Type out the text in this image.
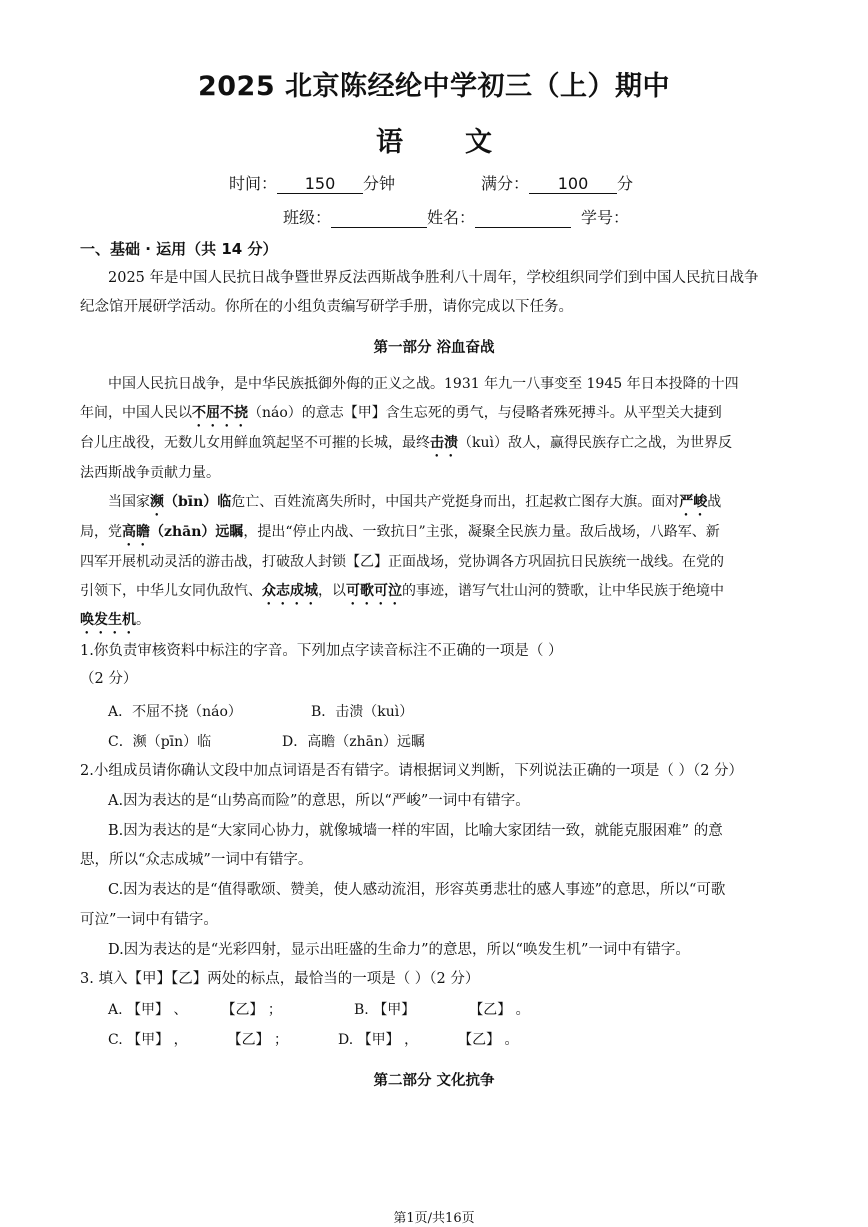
2025 北京陈经纶中学初三（上）期中
语 文
时间： 150 分钟	满分： 100 分
班级：	姓名：	学号：
一、基础 · 运用（共 14 分）
2025 年是中国人民抗日战争暨世界反法西斯战争胜利八十周年，学校组织同学们到中国人民抗日战争
纪念馆开展研学活动。你所在的小组负责编写研学手册，请你完成以下任务。
第一部分 浴血奋战
中国人民抗日战争，是中华民族抵御外侮的正义之战。1931 年九一八事变至 1945 年日本投降的十四
年间，中国人民以不屈不挠（náo）的意志【甲】含生忘死的勇气，与侵略者殊死搏斗。从平型关大捷到
台儿庄战役，无数儿女用鲜血筑起坚不可摧的长城，最终击溃（kuì）敌人，赢得民族存亡之战，为世界反
法西斯战争贡献力量。
当国家濒（bīn）临危亡、百姓流离失所时，中国共产党挺身而出，扛起救亡图存大旗。面对严峻战
局，党高瞻（zhān）远瞩，提出“停止内战、一致抗日”主张，凝聚全民族力量。敌后战场，八路军、新
四军开展机动灵活的游击战，打破敌人封锁【乙】正面战场，党协调各方巩固抗日民族统一战线。在党的
引领下，中华儿女同仇敌忾、众志成城，以可歌可泣的事迹，谱写气壮山河的赞歌，让中华民族于绝境中
唤发生机。
1.你负责审核资料中标注的字音。下列加点字读音标注不正确的一项是（ ）
（2 分）
A．不屈不挠（náo）	B．击溃（kuì）
C．濒（pīn）临	D．高瞻（zhān）远瞩
2.小组成员请你确认文段中加点词语是否有错字。请根据词义判断，下列说法正确的一项是（ ）（2 分）
A.因为表达的是“山势高而险”的意思，所以“严峻”一词中有错字。
B.因为表达的是“大家同心协力，就像城墙一样的牢固，比喻大家团结一致，就能克服困难” 的意
思，所以“众志成城”一词中有错字。
C.因为表达的是“值得歌颂、赞美，使人感动流泪，形容英勇悲壮的感人事迹”的意思，所以“可歌
可泣”一词中有错字。
D.因为表达的是“光彩四射，显示出旺盛的生命力”的意思，所以“唤发生机”一词中有错字。
3. 填入【甲】【乙】两处的标点，最恰当的一项是（ ）（2 分）
A. 【甲】 、 【乙】 ；	B. 【甲】	【乙】 。
C. 【甲】 ，	【乙】 ；	D. 【甲】 ，	【乙】 。
第二部分 文化抗争
第1页/共16页
